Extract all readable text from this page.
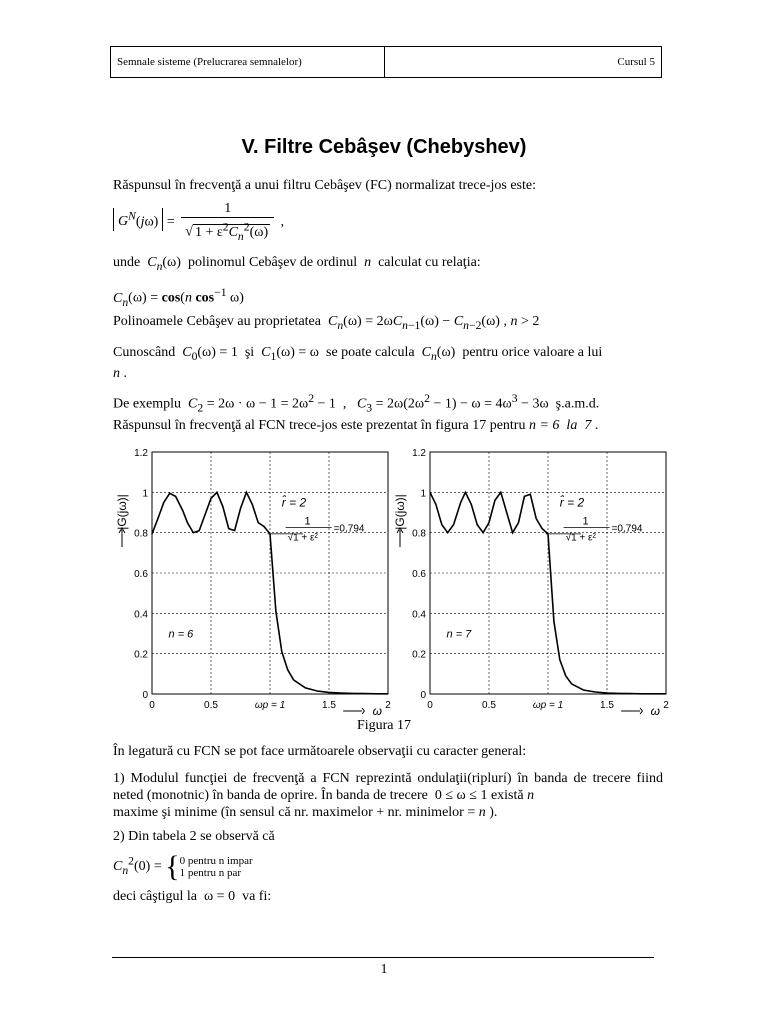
Semnale sisteme (Prelucrarea semnalelor)	Cursul 5
V. Filtre Cebâşev (Chebyshev)
Răspunsul în frecvenţă a unui filtru Cebâşev (FC) normalizat trece-jos este:
$G^N(j\omega) = \frac{1}{√ 1 + \varepsilon^2C_n^2(\omega)}$ ,
unde $C_n(\omega)$  polinomul Cebâşev de ordinul n calculat cu relaţia:
$C_n(\omega) = \cos(n$ $\cos^{-1} \omega$)
Polinoamele Cebâşev au proprietatea $C_n(\omega) = 2\omega C_{n-1}(\omega) - C_{n-2}(\omega)$ , n > 2
Cunoscând $C_0(\omega) = 1$  şi $C_1(\omega) = \omega$  se poate calcula $C_n(\omega)$  pentru orice valoare a lui
n .
De exemplu $C_2 = 2\omega \cdot \omega - 1 = 2\omega^2 - 1$  ,   $C_3 = 2\omega(2\omega^2 - 1) - \omega = 4\omega^3 - 3\omega$  ş.a.m.d.
Răspunsul în frecvenţă al FCN trece-jos este prezentat în figura 17 pentru n = 6  la  7 .
0
0.2
0.4
0.6
0.8
1
1.2
0	0.5	ωp = 1	1.5	2
ω
|G(jω)|	r̂ = 2
1
√1 + ε²
=0,794
n = 6
0
0.2
0.4
0.6
0.8
1
1.2
0	0.5	ωp = 1	1.5	2
ω
|G(jω)|	r̂ = 2
1
√1 + ε²
=0,794
n = 7
Figura 17
În legatură cu FCN se pot face următoarele observaţii cu caracter general:
1) Modulul funcţiei de frecvenţă a FCN reprezintă ondulaţii(riplurí) în banda de trecere fiind neted (monotnic) în banda de oprire. În banda de trecere  0 ≤ ω ≤ 1 există n
maxime şi minime (în sensul că nr. maximelor + nr. minimelor = n ).
2) Din tabela 2 se observă că
$C_n^2(0) = \{0$ pentru n impar
1 pentru n par
deci câştigul la  ω = 0  va fi:
1
